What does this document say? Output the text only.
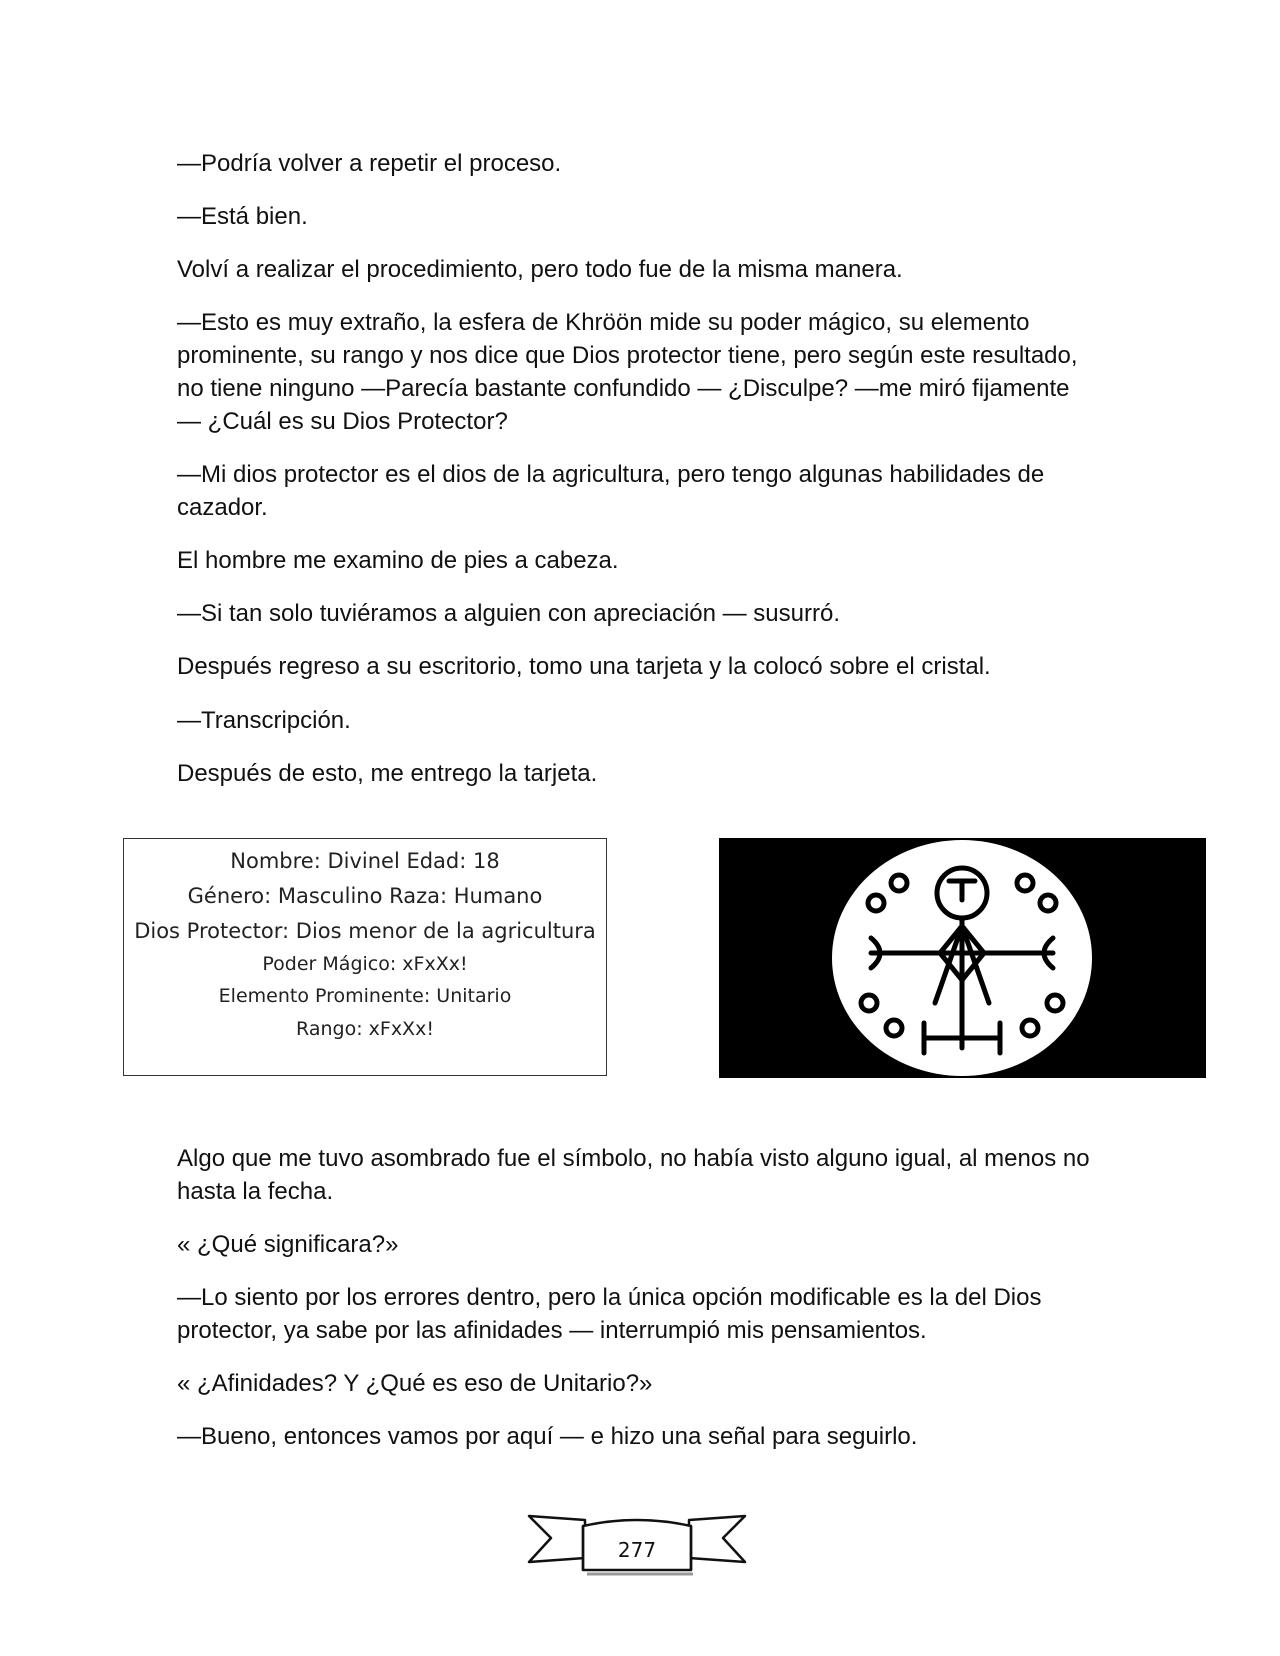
—Podría volver a repetir el proceso.

—Está bien.

Volví a realizar el procedimiento, pero todo fue de la misma manera.

—Esto es muy extraño, la esfera de Khröön mide su poder mágico, su elemento prominente, su rango y nos dice que Dios protector tiene, pero según este resultado, no tiene ninguno —Parecía bastante confundido — ¿Disculpe? —me miró fijamente — ¿Cuál es su Dios Protector?

—Mi dios protector es el dios de la agricultura, pero tengo algunas habilidades de cazador.

El hombre me examino de pies a cabeza.

—Si tan solo tuviéramos a alguien con apreciación — susurró.

Después regreso a su escritorio, tomo una tarjeta y la colocó sobre el cristal.

—Transcripción.

Después de esto, me entrego la tarjeta.

Nombre: Divinel Edad: 18
Género: Masculino Raza: Humano
Dios Protector: Dios menor de la agricultura
Poder Mágico: xFxXx!
Elemento Prominente: Unitario
Rango: xFxXx!

Algo que me tuvo asombrado fue el símbolo, no había visto alguno igual, al menos no hasta la fecha.

« ¿Qué significara?»

—Lo siento por los errores dentro, pero la única opción modificable es la del Dios protector, ya sabe por las afinidades — interrumpió mis pensamientos.

« ¿Afinidades? Y ¿Qué es eso de Unitario?»

—Bueno, entonces vamos por aquí — e hizo una señal para seguirlo.

277
